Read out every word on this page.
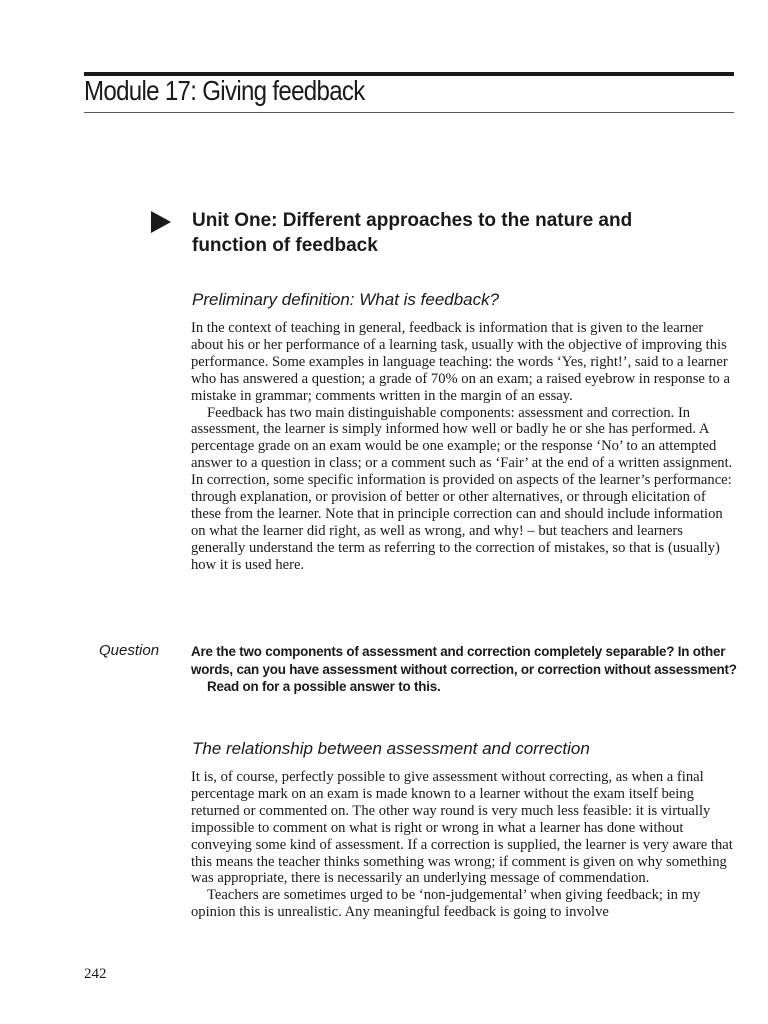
Module 17: Giving feedback
Unit One: Different approaches to the nature and function of feedback
Preliminary definition: What is feedback?

In the context of teaching in general, feedback is information that is given to the learner about his or her performance of a learning task, usually with the objective of improving this performance. Some examples in language teaching: the words ‘Yes, right!’, said to a learner who has answered a question; a grade of 70% on an exam; a raised eyebrow in response to a mistake in grammar; comments written in the margin of an essay.

Feedback has two main distinguishable components: assessment and correction. In assessment, the learner is simply informed how well or badly he or she has performed. A percentage grade on an exam would be one example; or the response ‘No’ to an attempted answer to a question in class; or a comment such as ‘Fair’ at the end of a written assignment. In correction, some specific information is provided on aspects of the learner’s performance: through explanation, or provision of better or other alternatives, or through elicitation of these from the learner. Note that in principle correction can and should include information on what the learner did right, as well as wrong, and why! – but teachers and learners generally understand the term as referring to the correction of mistakes, so that is (usually) how it is used here.

Question Are the two components of assessment and correction completely separable? In other words, can you have assessment without correction, or correction without assessment?

Read on for a possible answer to this.

The relationship between assessment and correction

It is, of course, perfectly possible to give assessment without correcting, as when a final percentage mark on an exam is made known to a learner without the exam itself being returned or commented on. The other way round is very much less feasible: it is virtually impossible to comment on what is right or wrong in what a learner has done without conveying some kind of assessment. If a correction is supplied, the learner is very aware that this means the teacher thinks something was wrong; if comment is given on why something was appropriate, there is necessarily an underlying message of commendation.

Teachers are sometimes urged to be ‘non-judgemental’ when giving feedback; in my opinion this is unrealistic. Any meaningful feedback is going to involve

242
